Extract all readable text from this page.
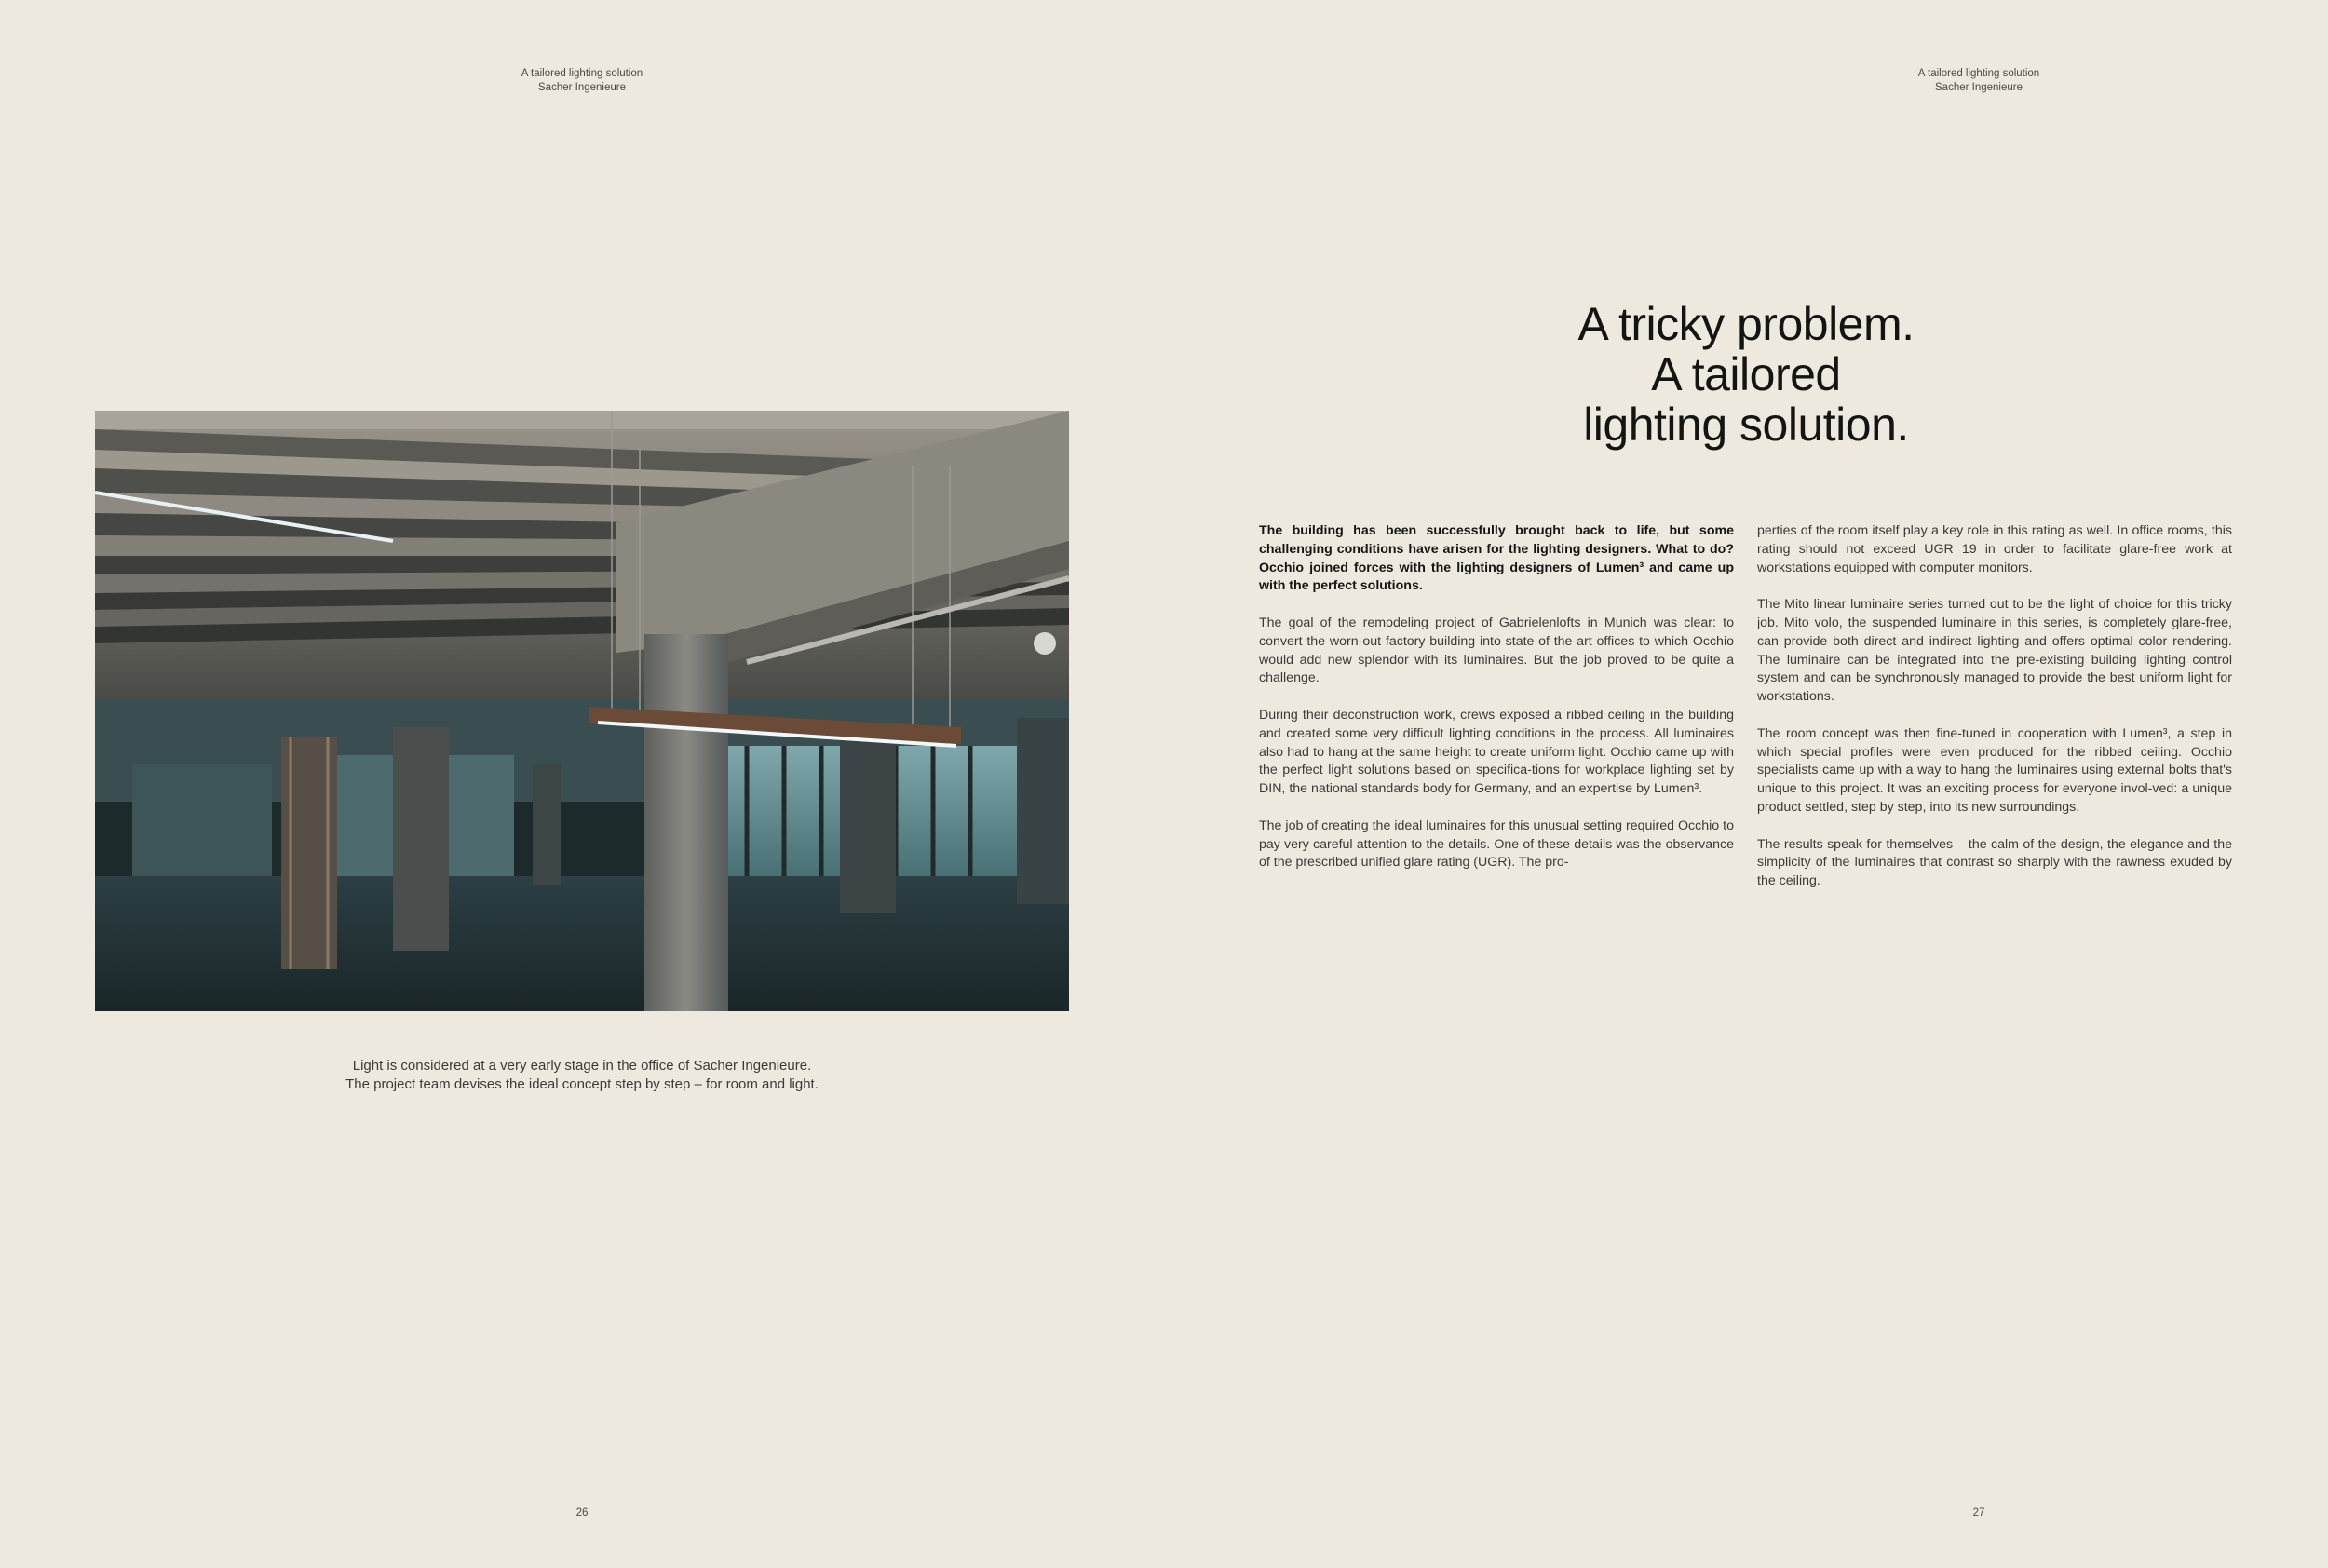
A tailored lighting solution
Sacher Ingenieure
Light is considered at a very early stage in the office of Sacher Ingenieure.
The project team devises the ideal concept step by step – for room and light.
26
A tailored lighting solution
Sacher Ingenieure
27
A tricky problem.
A tailored
lighting solution.

The building has been successfully brought back to life, but some challenging conditions have arisen for the lighting designers. What to do? Occhio joined forces with the lighting designers of Lumen³ and came up with the perfect solutions.

The goal of the remodeling project of Gabrielenlofts in Munich was clear: to convert the worn-out factory building into state-of-the-art offices to which Occhio would add new splendor with its luminaires. But the job proved to be quite a challenge.

During their deconstruction work, crews exposed a ribbed ceiling in the building and created some very difficult lighting conditions in the process. All luminaires also had to hang at the same height to create uniform light. Occhio came up with the perfect light solutions based on specifica-tions for workplace lighting set by DIN, the national standards body for Germany, and an expertise by Lumen³.

The job of creating the ideal luminaires for this unusual setting required Occhio to pay very careful attention to the details. One of these details was the observance of the prescribed unified glare rating (UGR). The pro-

perties of the room itself play a key role in this rating as well. In office rooms, this rating should not exceed UGR 19 in order to facilitate glare-free work at workstations equipped with computer monitors.

The Mito linear luminaire series turned out to be the light of choice for this tricky job. Mito volo, the suspended luminaire in this series, is completely glare-free, can provide both direct and indirect lighting and offers optimal color rendering. The luminaire can be integrated into the pre-existing building lighting control system and can be synchronously managed to provide the best uniform light for workstations.

The room concept was then fine-tuned in cooperation with Lumen³, a step in which special profiles were even produced for the ribbed ceiling. Occhio specialists came up with a way to hang the luminaires using external bolts that's unique to this project. It was an exciting process for everyone invol-ved: a unique product settled, step by step, into its new surroundings.

The results speak for themselves – the calm of the design, the elegance and the simplicity of the luminaires that contrast so sharply with the rawness exuded by the ceiling.
